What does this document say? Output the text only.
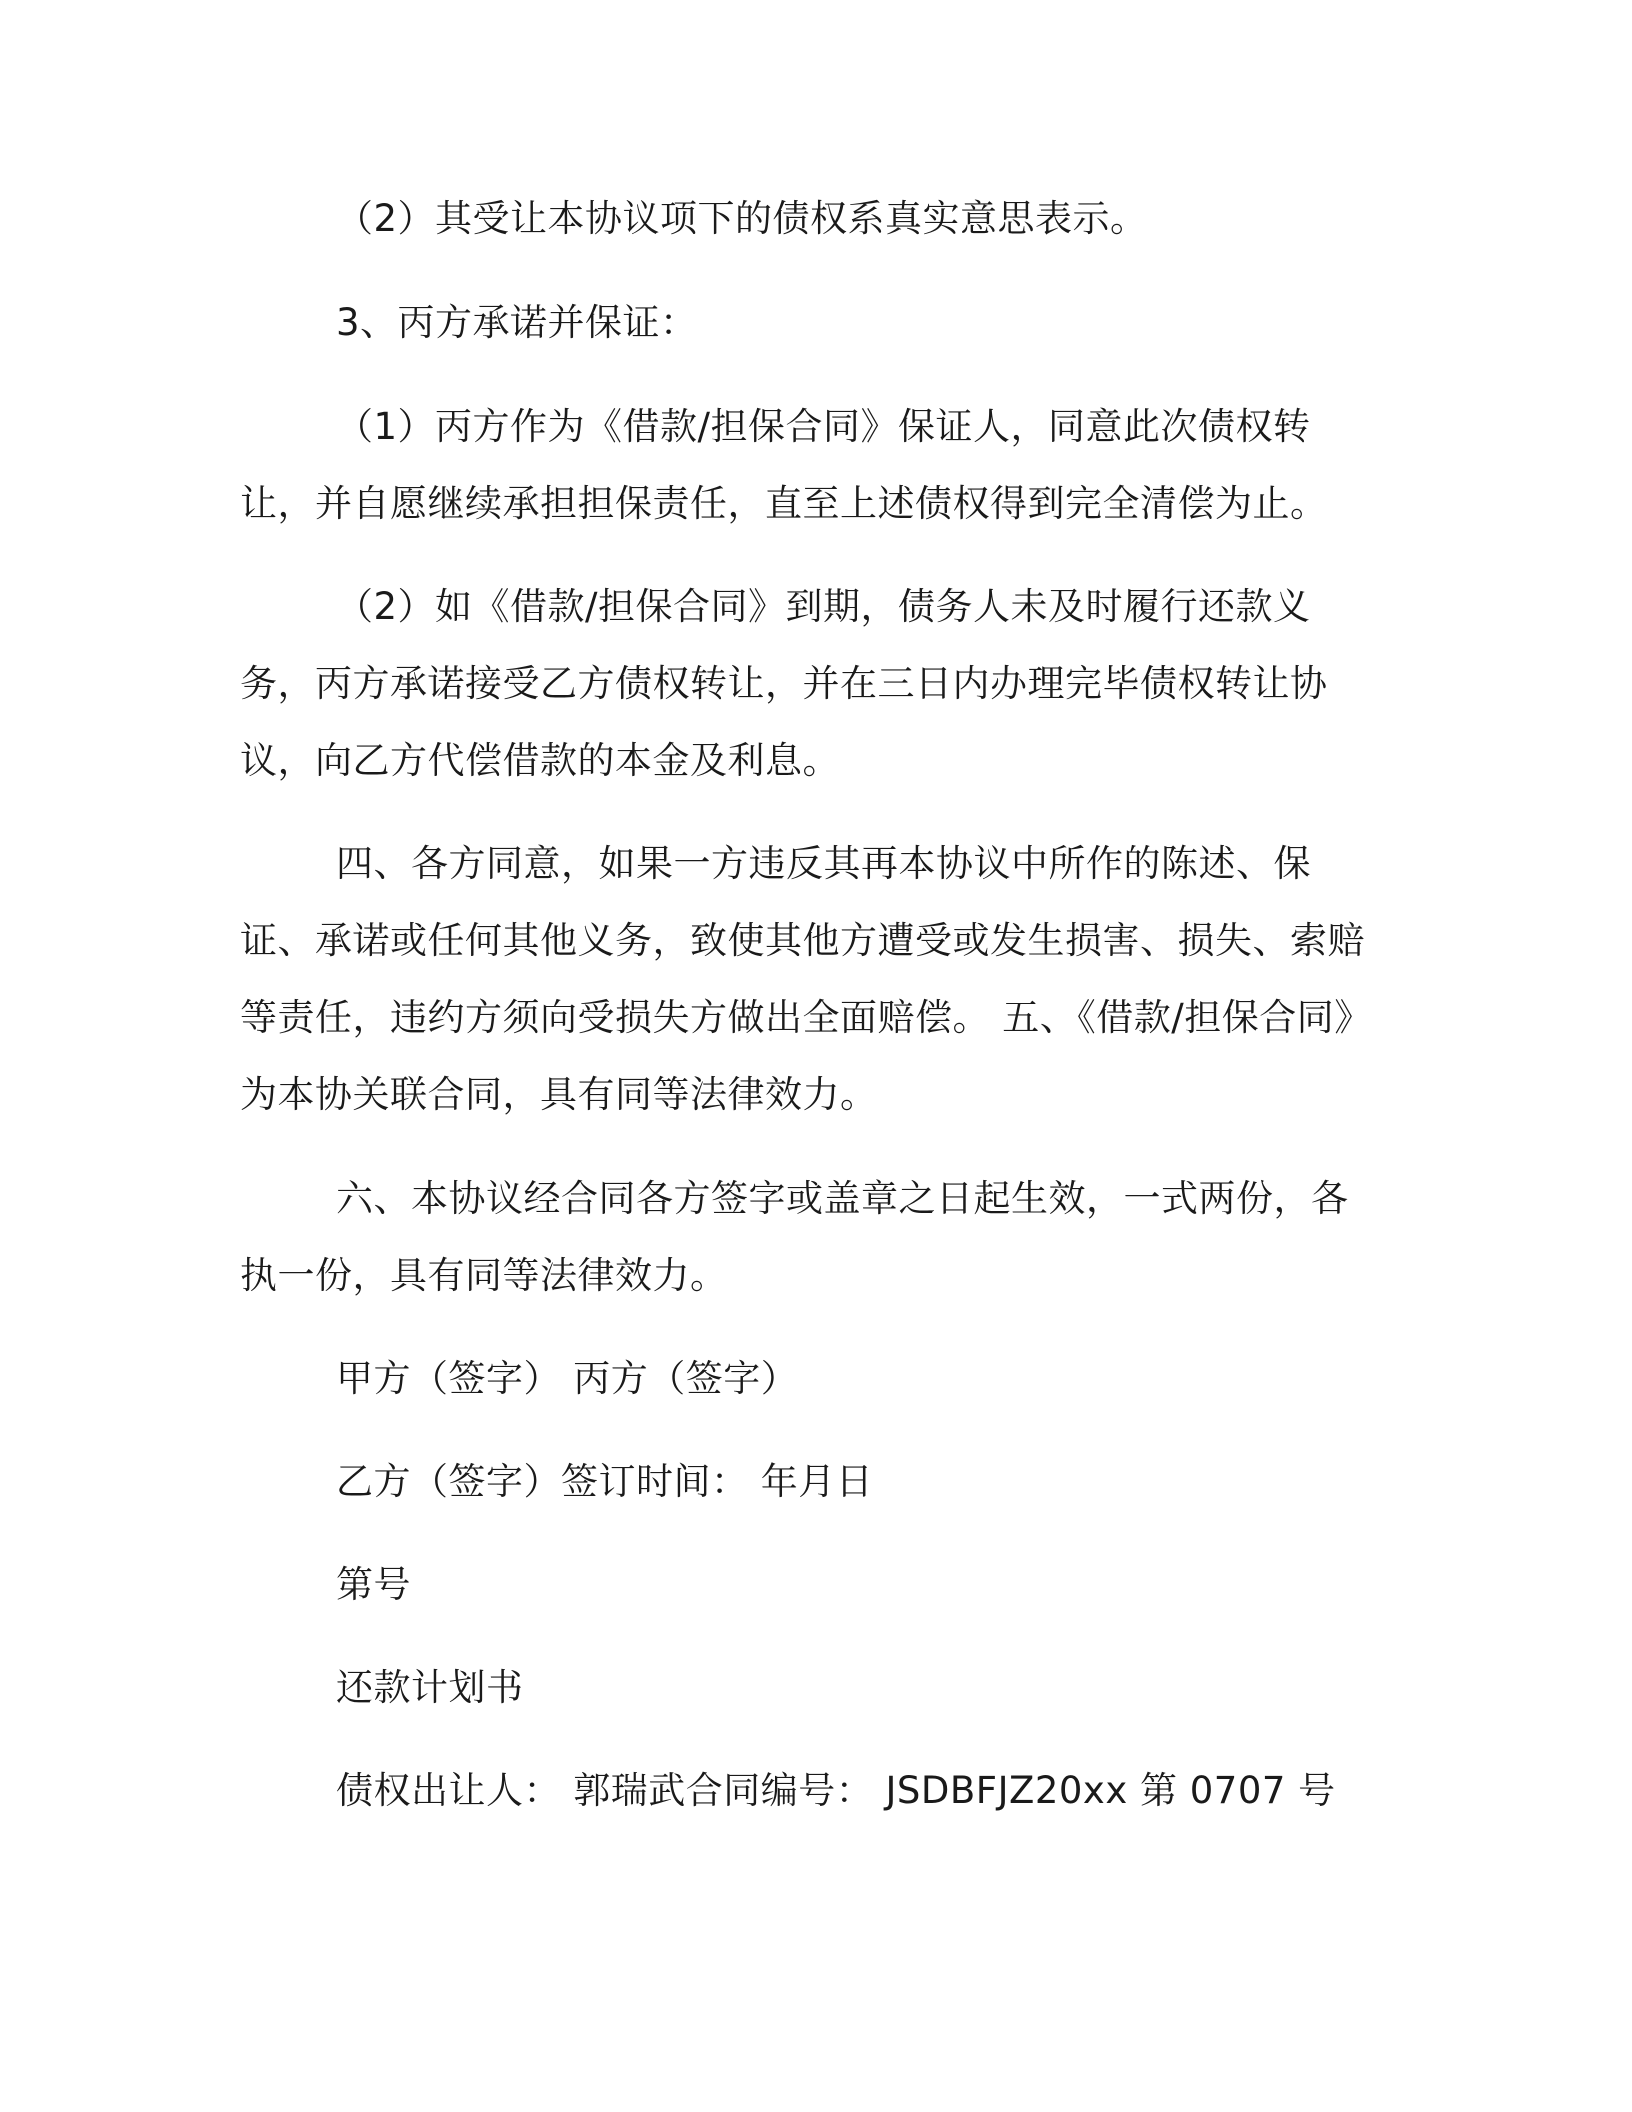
（2）其受让本协议项下的债权系真实意思表示。

3、丙方承诺并保证：

（1）丙方作为《借款/担保合同》保证人，同意此次债权转让，并自愿继续承担担保责任，直至上述债权得到完全清偿为止。

（2）如《借款/担保合同》到期，债务人未及时履行还款义务，丙方承诺接受乙方债权转让，并在三日内办理完毕债权转让协议，向乙方代偿借款的本金及利息。

四、各方同意，如果一方违反其再本协议中所作的陈述、保证、承诺或任何其他义务，致使其他方遭受或发生损害、损失、索赔等责任，违约方须向受损失方做出全面赔偿。 五、《借款/担保合同》为本协关联合同，具有同等法律效力。

六、本协议经合同各方签字或盖章之日起生效，一式两份，各执一份，具有同等法律效力。

甲方（签字） 丙方（签字）

乙方（签字）签订时间： 年月日

第号

还款计划书

债权出让人： 郭瑞武合同编号： JSDBFJZ20xx 第 0707 号
